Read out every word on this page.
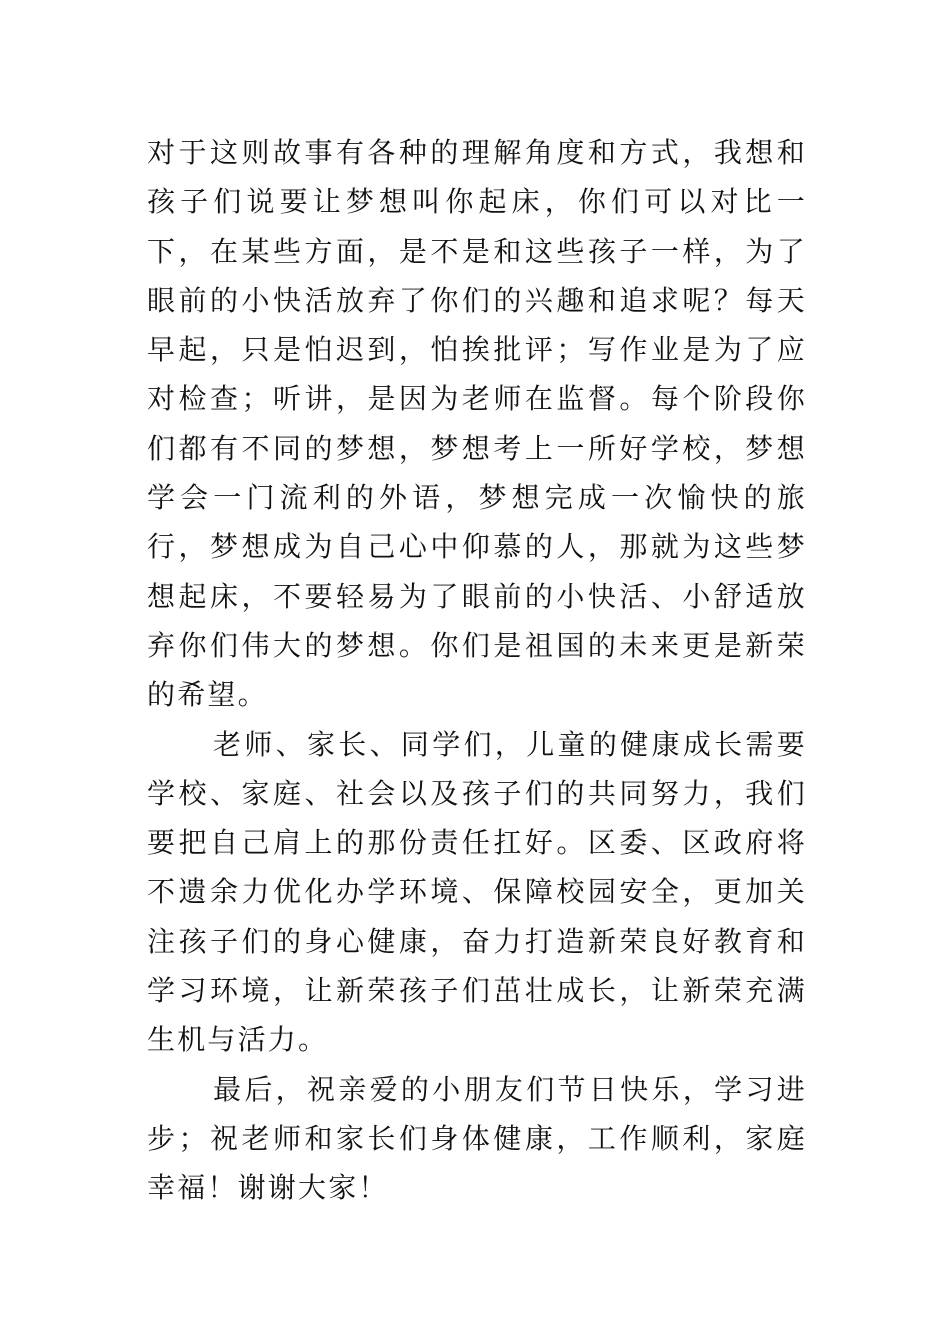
对于这则故事有各种的理解角度和方式，我想和孩子们说要让梦想叫你起床，你们可以对比一下，在某些方面，是不是和这些孩子一样，为了眼前的小快活放弃了你们的兴趣和追求呢？每天早起，只是怕迟到，怕挨批评；写作业是为了应对检查；听讲，是因为老师在监督。每个阶段你们都有不同的梦想，梦想考上一所好学校，梦想学会一门流利的外语，梦想完成一次愉快的旅行，梦想成为自己心中仰慕的人，那就为这些梦想起床，不要轻易为了眼前的小快活、小舒适放弃你们伟大的梦想。你们是祖国的未来更是新荣的希望。

老师、家长、同学们，儿童的健康成长需要学校、家庭、社会以及孩子们的共同努力，我们要把自己肩上的那份责任扛好。区委、区政府将不遗余力优化办学环境、保障校园安全，更加关注孩子们的身心健康，奋力打造新荣良好教育和学习环境，让新荣孩子们茁壮成长，让新荣充满生机与活力。

最后，祝亲爱的小朋友们节日快乐，学习进步；祝老师和家长们身体健康，工作顺利，家庭幸福！谢谢大家！
